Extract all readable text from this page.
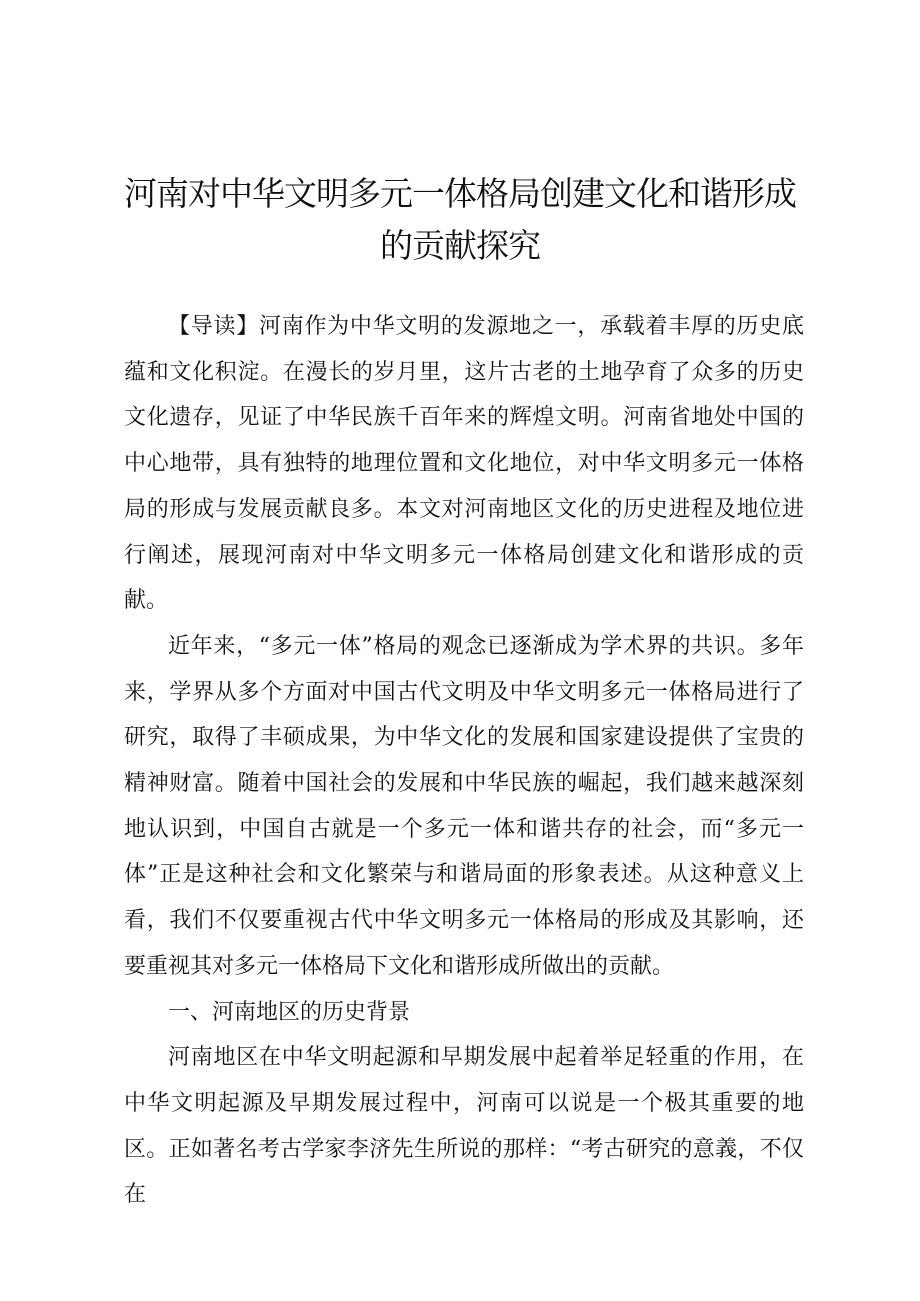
河南对中华文明多元一体格局创建文化和谐形成的贡献探究

【导读】河南作为中华文明的发源地之一，承载着丰厚的历史底蕴和文化积淀。在漫长的岁月里，这片古老的土地孕育了众多的历史文化遗存，见证了中华民族千百年来的辉煌文明。河南省地处中国的中心地带，具有独特的地理位置和文化地位，对中华文明多元一体格局的形成与发展贡献良多。本文对河南地区文化的历史进程及地位进行阐述，展现河南对中华文明多元一体格局创建文化和谐形成的贡献。

近年来，“多元一体”格局的观念已逐渐成为学术界的共识。多年来，学界从多个方面对中国古代文明及中华文明多元一体格局进行了研究，取得了丰硕成果，为中华文化的发展和国家建设提供了宝贵的精神财富。随着中国社会的发展和中华民族的崛起，我们越来越深刻地认识到，中国自古就是一个多元一体和谐共存的社会，而“多元一体”正是这种社会和文化繁荣与和谐局面的形象表述。从这种意义上看，我们不仅要重视古代中华文明多元一体格局的形成及其影响，还要重视其对多元一体格局下文化和谐形成所做出的贡献。

一、河南地区的历史背景

河南地区在中华文明起源和早期发展中起着举足轻重的作用，在中华文明起源及早期发展过程中，河南可以说是一个极其重要的地区。正如著名考古学家李济先生所说的那样：“考古研究的意義，不仅在
